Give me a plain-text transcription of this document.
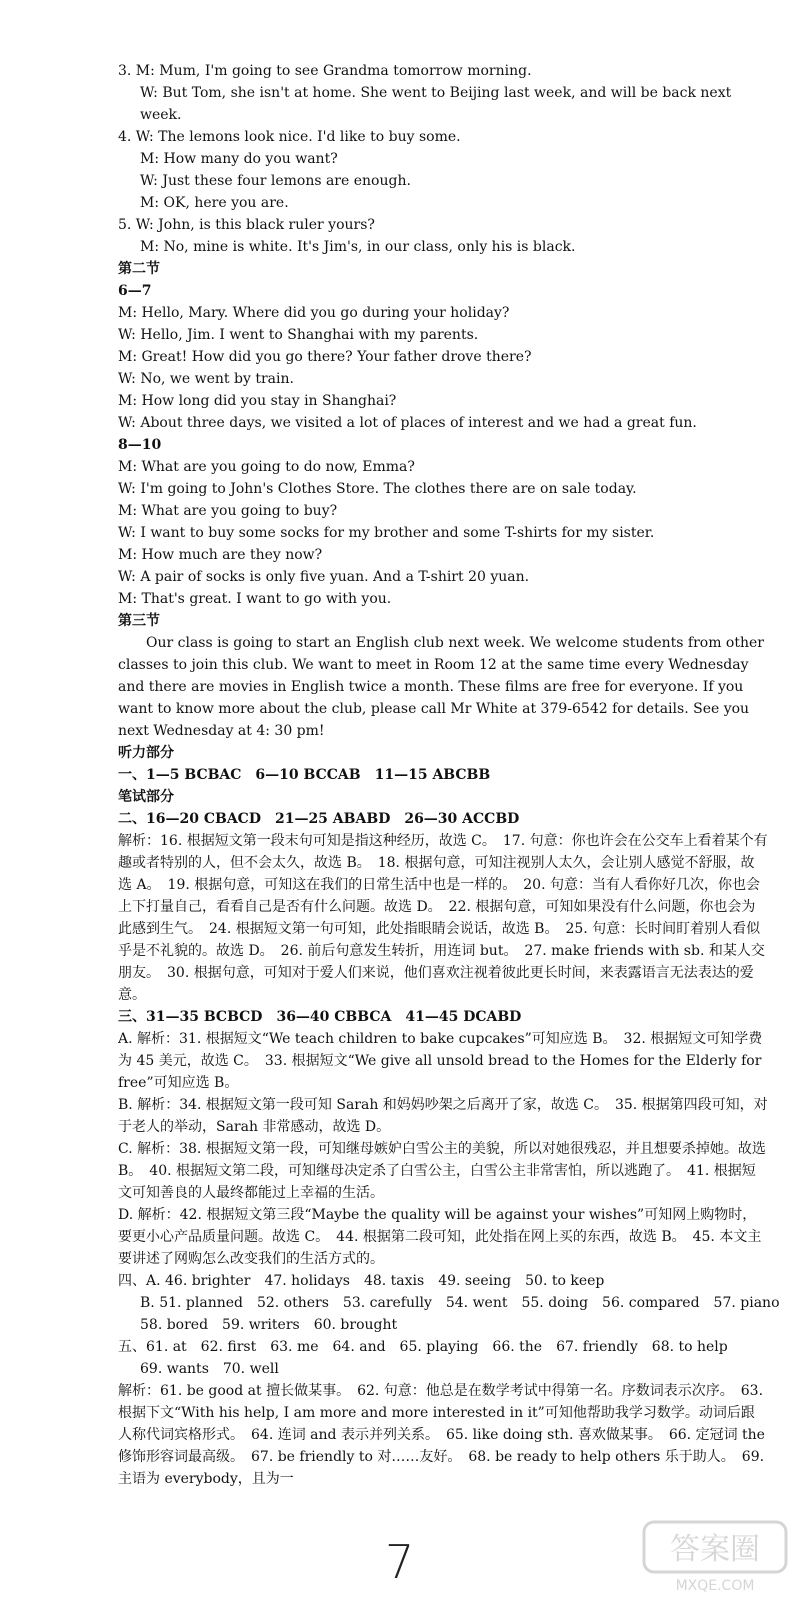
3. M: Mum, I'm going to see Grandma tomorrow morning.
W: But Tom, she isn't at home. She went to Beijing last week, and will be back next week.
4. W: The lemons look nice. I'd like to buy some.
M: How many do you want?
W: Just these four lemons are enough.
M: OK, here you are.
5. W: John, is this black ruler yours?
M: No, mine is white. It's Jim's, in our class, only his is black.
第二节
6—7
M: Hello, Mary. Where did you go during your holiday?
W: Hello, Jim. I went to Shanghai with my parents.
M: Great! How did you go there? Your father drove there?
W: No, we went by train.
M: How long did you stay in Shanghai?
W: About three days, we visited a lot of places of interest and we had a great fun.
8—10
M: What are you going to do now, Emma?
W: I'm going to John's Clothes Store. The clothes there are on sale today.
M: What are you going to buy?
W: I want to buy some socks for my brother and some T-shirts for my sister.
M: How much are they now?
W: A pair of socks is only five yuan. And a T-shirt 20 yuan.
M: That's great. I want to go with you.
第三节
Our class is going to start an English club next week. We welcome students from other classes to join this club. We want to meet in Room 12 at the same time every Wednesday and there are movies in English twice a month. These films are free for everyone. If you want to know more about the club, please call Mr White at 379-6542 for details. See you next Wednesday at 4: 30 pm!
听力部分
一、1—5 BCBAC　6—10 BCCAB　11—15 ABCBB
笔试部分
二、16—20 CBACD　21—25 ABABD　26—30 ACCBD
解析：16. 根据短文第一段末句可知是指这种经历，故选 C。　17. 句意：你也许会在公交车上看着某个有趣或者特别的人，但不会太久，故选 B。　18. 根据句意，可知注视别人太久，会让别人感觉不舒服，故选 A。　19. 根据句意，可知这在我们的日常生活中也是一样的。　20. 句意：当有人看你好几次，你也会上下打量自己，看看自己是否有什么问题。故选 D。　22. 根据句意，可知如果没有什么问题，你也会为此感到生气。　24. 根据短文第一句可知，此处指眼睛会说话，故选 B。　25. 句意：长时间盯着别人看似乎是不礼貌的。故选 D。　26. 前后句意发生转折，用连词 but。　27. make friends with sb. 和某人交朋友。　30. 根据句意，可知对于爱人们来说，他们喜欢注视着彼此更长时间，来表露语言无法表达的爱意。
三、31—35 BCBCD　36—40 CBBCA　41—45 DCABD
A. 解析：31. 根据短文“We teach children to bake cupcakes”可知应选 B。　32. 根据短文可知学费为 45 美元，故选 C。　33. 根据短文“We give all unsold bread to the Homes for the Elderly for free”可知应选 B。
B. 解析：34. 根据短文第一段可知 Sarah 和妈妈吵架之后离开了家，故选 C。　35. 根据第四段可知，对于老人的举动，Sarah 非常感动，故选 D。
C. 解析：38. 根据短文第一段，可知继母嫉妒白雪公主的美貌，所以对她很残忍，并且想要杀掉她。故选 B。　40. 根据短文第二段，可知继母决定杀了白雪公主，白雪公主非常害怕，所以逃跑了。　41. 根据短文可知善良的人最终都能过上幸福的生活。
D. 解析：42. 根据短文第三段“Maybe the quality will be against your wishes”可知网上购物时，要更小心产品质量问题。故选 C。　44. 根据第二段可知，此处指在网上买的东西，故选 B。　45. 本文主要讲述了网购怎么改变我们的生活方式的。
四、A. 46. brighter　47. holidays　48. taxis　49. seeing　50. to keep
B. 51. planned　52. others　53. carefully　54. went　55. doing　56. compared　57. piano
58. bored　59. writers　60. brought
五、61. at　62. first　63. me　64. and　65. playing　66. the　67. friendly　68. to help
69. wants　70. well
解析：61. be good at 擅长做某事。　62. 句意：他总是在数学考试中得第一名。序数词表示次序。　63. 根据下文“With his help, I am more and more interested in it”可知他帮助我学习数学。动词后跟人称代词宾格形式。　64. 连词 and 表示并列关系。　65. like doing sth. 喜欢做某事。　66. 定冠词 the 修饰形容词最高级。　67. be friendly to 对……友好。　68. be ready to help others 乐于助人。　69. 主语为 everybody，且为一
7	答案圈
MXQE.COM
